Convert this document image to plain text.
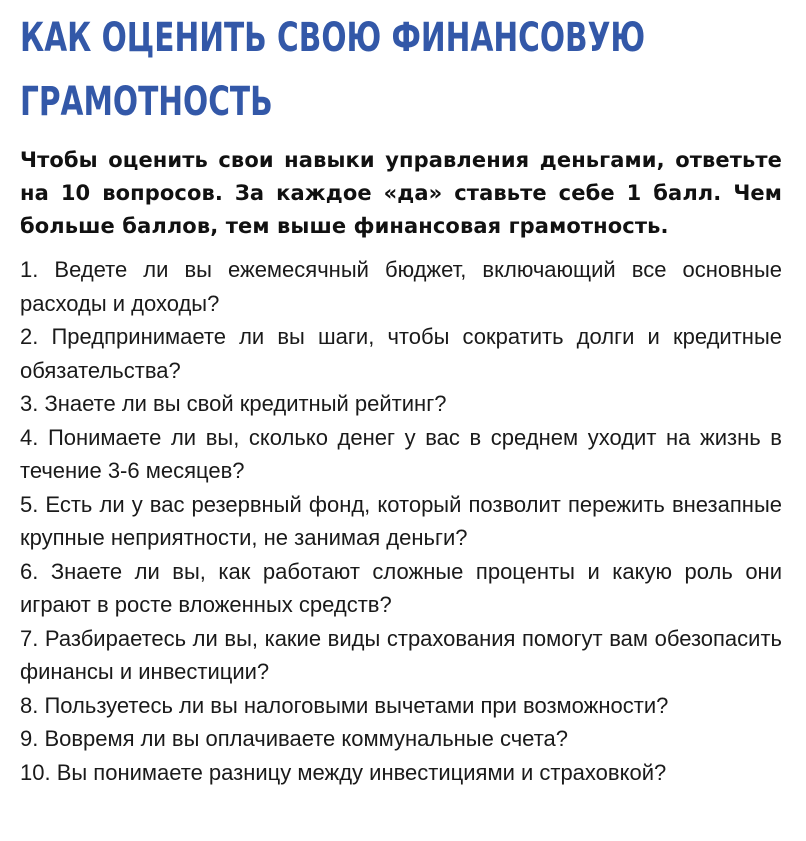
КАК ОЦЕНИТЬ СВОЮ ФИНАНСОВУЮ
ГРАМОТНОСТЬ

Чтобы оценить свои навыки управления деньгами, ответьте на 10 вопросов. За каждое «да» ставьте себе 1 балл. Чем больше баллов, тем выше финансовая грамотность.

1. Ведете ли вы ежемесячный бюджет, включающий все основные расходы и доходы?
2. Предпринимаете ли вы шаги, чтобы сократить долги и кредитные обязательства?
3. Знаете ли вы свой кредитный рейтинг?
4. Понимаете ли вы, сколько денег у вас в среднем уходит на жизнь в течение 3-6 месяцев?
5. Есть ли у вас резервный фонд, который позволит пережить внезапные крупные неприятности, не занимая деньги?
6. Знаете ли вы, как работают сложные проценты и какую роль они играют в росте вложенных средств?
7. Разбираетесь ли вы, какие виды страхования помогут вам обезопасить финансы и инвестиции?
8. Пользуетесь ли вы налоговыми вычетами при возможности?
9. Вовремя ли вы оплачиваете коммунальные счета?
10. Вы понимаете разницу между инвестициями и страховкой?
